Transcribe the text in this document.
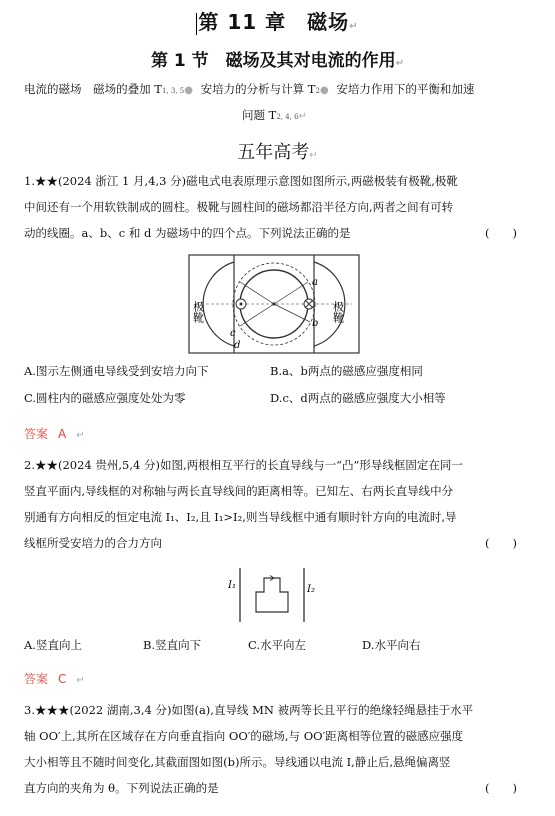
第 11 章　磁场↵
第 1 节　磁场及其对电流的作用↵
电流的磁场 磁场的叠加 T1, 3, 5● 安培力的分析与计算 T2● 安培力作用下的平衡和加速
问题 T2, 4, 6↵
五年高考↵
1.★★(2024 浙江 1 月,4,3 分)磁电式电表原理示意图如图所示,两磁极装有极靴,极靴
中间还有一个用软铁制成的圆柱。极靴与圆柱间的磁场都沿半径方向,两者之间有可转
动的线圈。a、b、c 和 d 为磁场中的四个点。下列说法正确的是	(　　)
极靴	极靴
a
b
c
d
A.图示左侧通电导线受到安培力向下	B.a、b两点的磁感应强度相同
C.圆柱内的磁感应强度处处为零	D.c、d两点的磁感应强度大小相等
答案 A ↵
2.★★(2024 贵州,5,4 分)如图,两根相互平行的长直导线与一“凸”形导线框固定在同一
竖直平面内,导线框的对称轴与两长直导线间的距离相等。已知左、右两长直导线中分
别通有方向相反的恒定电流 I₁、I₂,且 I₁>I₂,则当导线框中通有顺时针方向的电流时,导
线框所受安培力的合力方向	(　　)
I₁	I₂
A.竖直向上	B.竖直向下	C.水平向左	D.水平向右
答案 C ↵
3.★★★(2022 湖南,3,4 分)如图(a),直导线 MN 被两等长且平行的绝缘轻绳悬挂于水平
轴 OO′上,其所在区域存在方向垂直指向 OO′的磁场,与 OO′距离相等位置的磁感应强度
大小相等且不随时间变化,其截面图如图(b)所示。导线通以电流 I,静止后,悬绳偏离竖
直方向的夹角为 θ。下列说法正确的是	(　　)
